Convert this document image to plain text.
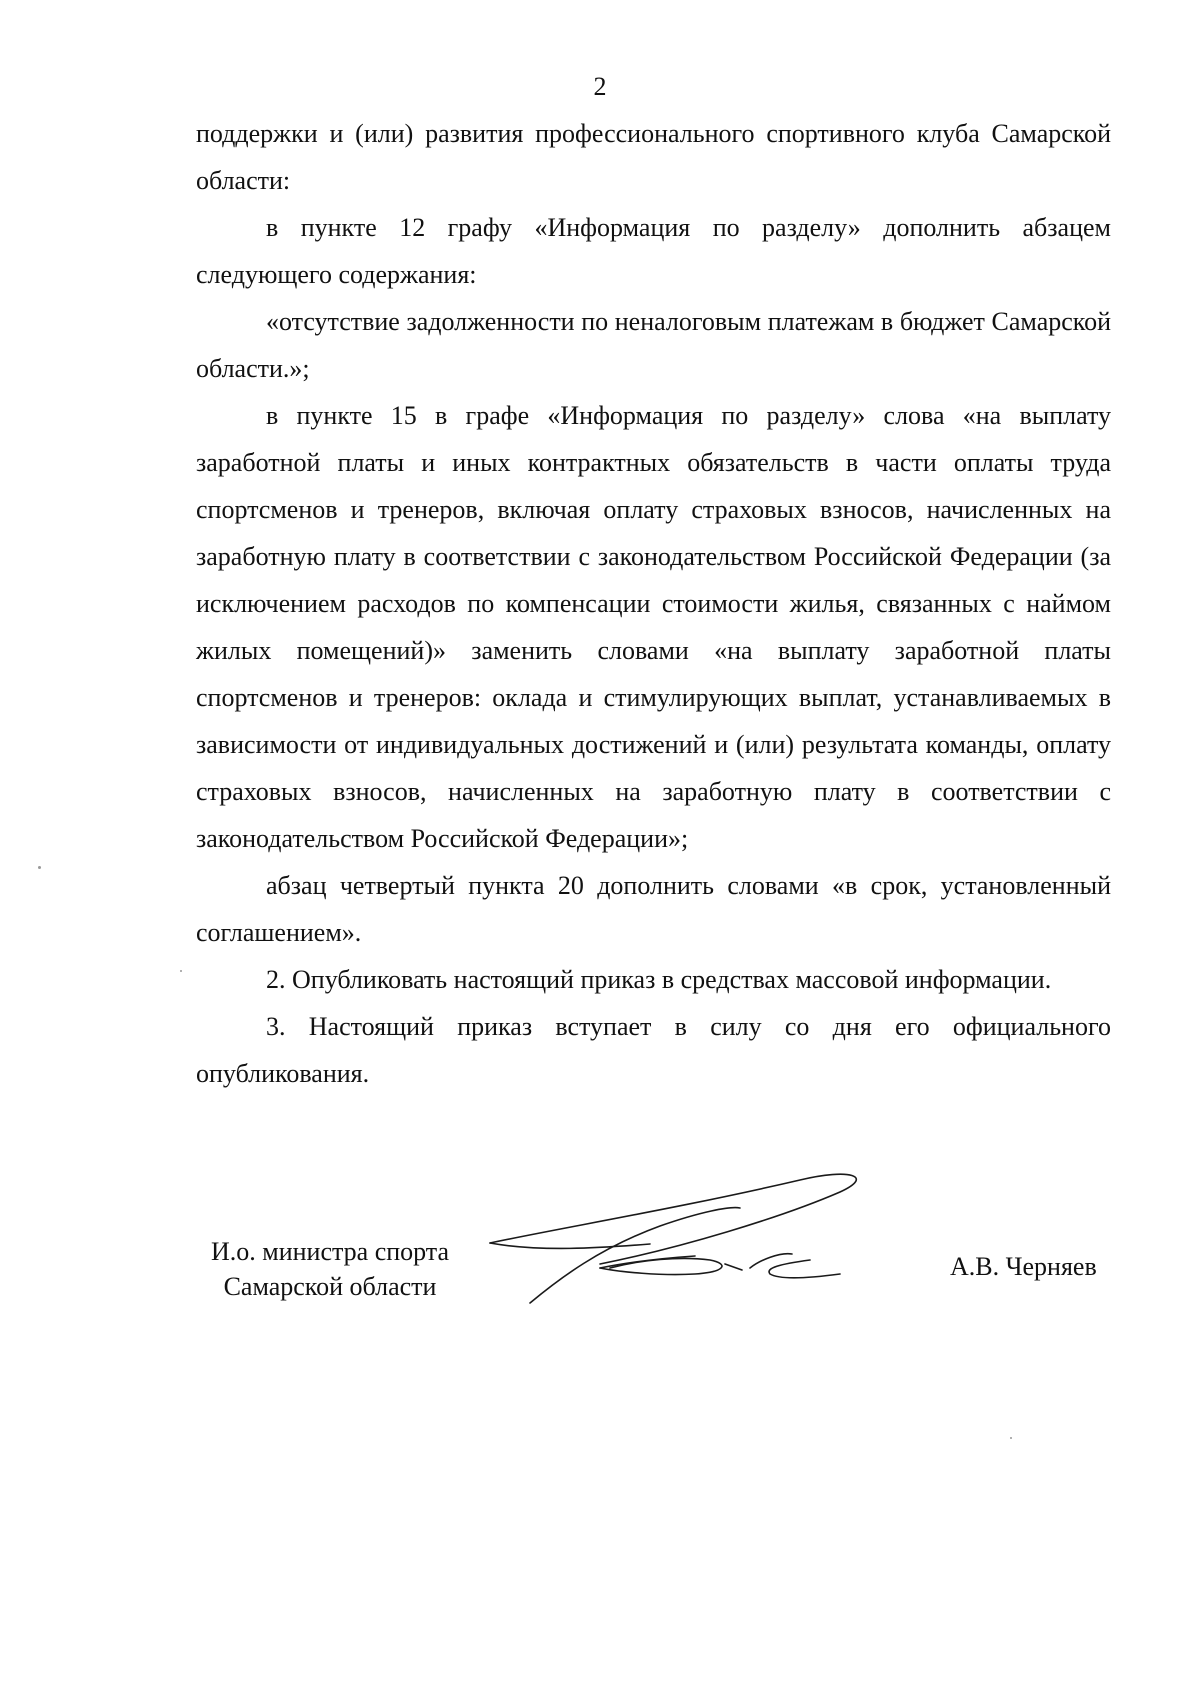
2

поддержки и (или) развития профессионального спортивного клуба Самарской области:

в пункте 12 графу «Информация по разделу» дополнить абзацем следующего содержания:

«отсутствие задолженности по неналоговым платежам в бюджет Самарской области.»;

в пункте 15 в графе «Информация по разделу» слова «на выплату заработной платы и иных контрактных обязательств в части оплаты труда спортсменов и тренеров, включая оплату страховых взносов, начисленных на заработную плату в соответствии с законодательством Российской Федерации (за исключением расходов по компенсации стоимости жилья, связанных с наймом жилых помещений)» заменить словами «на выплату заработной платы спортсменов и тренеров: оклада и стимулирующих выплат, устанавливаемых в зависимости от индивидуальных достижений и (или) результата команды, оплату страховых взносов, начисленных на заработную плату в соответствии с законодательством Российской Федерации»;

абзац четвертый пункта 20 дополнить словами «в срок, установленный соглашением».

2. Опубликовать настоящий приказ в средствах массовой информации.

3. Настоящий приказ вступает в силу со дня его официального опубликования.

И.о. министра спорта
Самарской области
А.В. Черняев
